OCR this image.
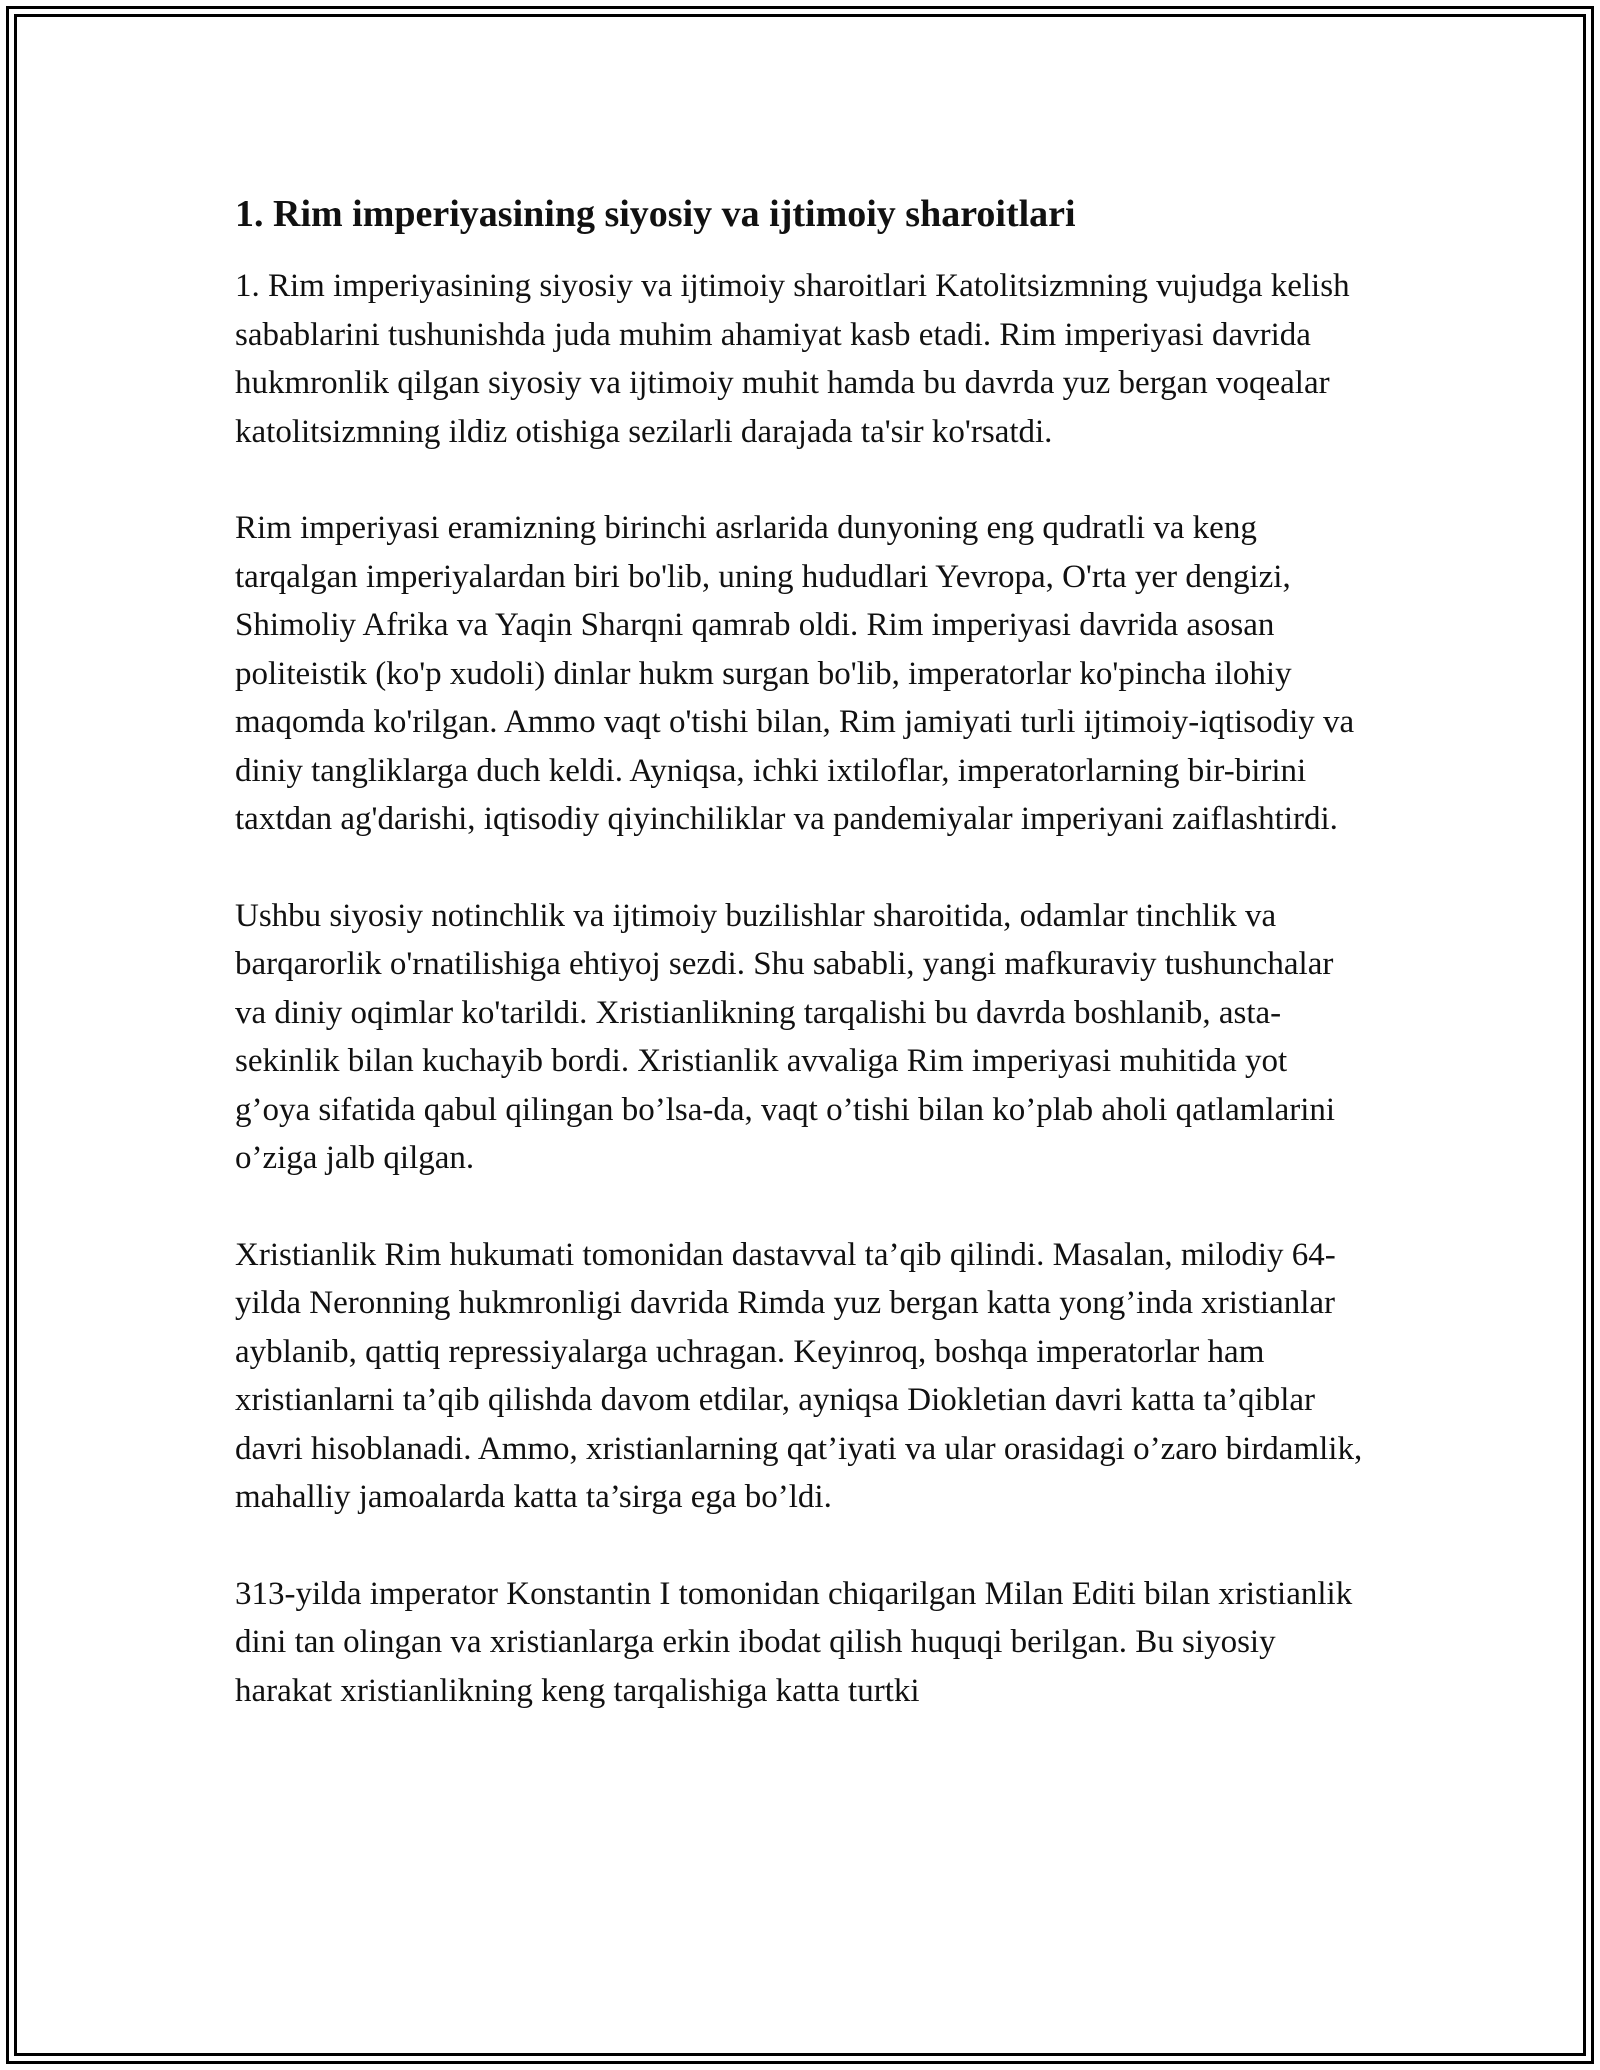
1. Rim imperiyasining siyosiy va ijtimoiy sharoitlari

1. Rim imperiyasining siyosiy va ijtimoiy sharoitlari Katolitsizmning vujudga kelish sabablarini tushunishda juda muhim ahamiyat kasb etadi. Rim imperiyasi davrida hukmronlik qilgan siyosiy va ijtimoiy muhit hamda bu davrda yuz bergan voqealar katolitsizmning ildiz otishiga sezilarli darajada ta'sir ko'rsatdi.

Rim imperiyasi eramizning birinchi asrlarida dunyoning eng qudratli va keng tarqalgan imperiyalardan biri bo'lib, uning hududlari Yevropa, O'rta yer dengizi, Shimoliy Afrika va Yaqin Sharqni qamrab oldi. Rim imperiyasi davrida asosan politeistik (ko'p xudoli) dinlar hukm surgan bo'lib, imperatorlar ko'pincha ilohiy maqomda ko'rilgan. Ammo vaqt o'tishi bilan, Rim jamiyati turli ijtimoiy-iqtisodiy va diniy tangliklarga duch keldi. Ayniqsa, ichki ixtiloflar, imperatorlarning bir-birini taxtdan ag'darishi, iqtisodiy qiyinchiliklar va pandemiyalar imperiyani zaiflashtirdi.

Ushbu siyosiy notinchlik va ijtimoiy buzilishlar sharoitida, odamlar tinchlik va barqarorlik o'rnatilishiga ehtiyoj sezdi. Shu sababli, yangi mafkuraviy tushunchalar va diniy oqimlar ko'tarildi. Xristianlikning tarqalishi bu davrda boshlanib, asta-sekinlik bilan kuchayib bordi. Xristianlik avvaliga Rim imperiyasi muhitida yot g’oya sifatida qabul qilingan bo’lsa-da, vaqt o’tishi bilan ko’plab aholi qatlamlarini o’ziga jalb qilgan.

Xristianlik Rim hukumati tomonidan dastavval ta’qib qilindi. Masalan, milodiy 64-yilda Neronning hukmronligi davrida Rimda yuz bergan katta yong’inda xristianlar ayblanib, qattiq repressiyalarga uchragan. Keyinroq, boshqa imperatorlar ham xristianlarni ta’qib qilishda davom etdilar, ayniqsa Diokletian davri katta ta’qiblar davri hisoblanadi. Ammo, xristianlarning qat’iyati va ular orasidagi o’zaro birdamlik, mahalliy jamoalarda katta ta’sirga ega bo’ldi.

313-yilda imperator Konstantin I tomonidan chiqarilgan Milan Editi bilan xristianlik dini tan olingan va xristianlarga erkin ibodat qilish huquqi berilgan. Bu siyosiy harakat xristianlikning keng tarqalishiga katta turtki
